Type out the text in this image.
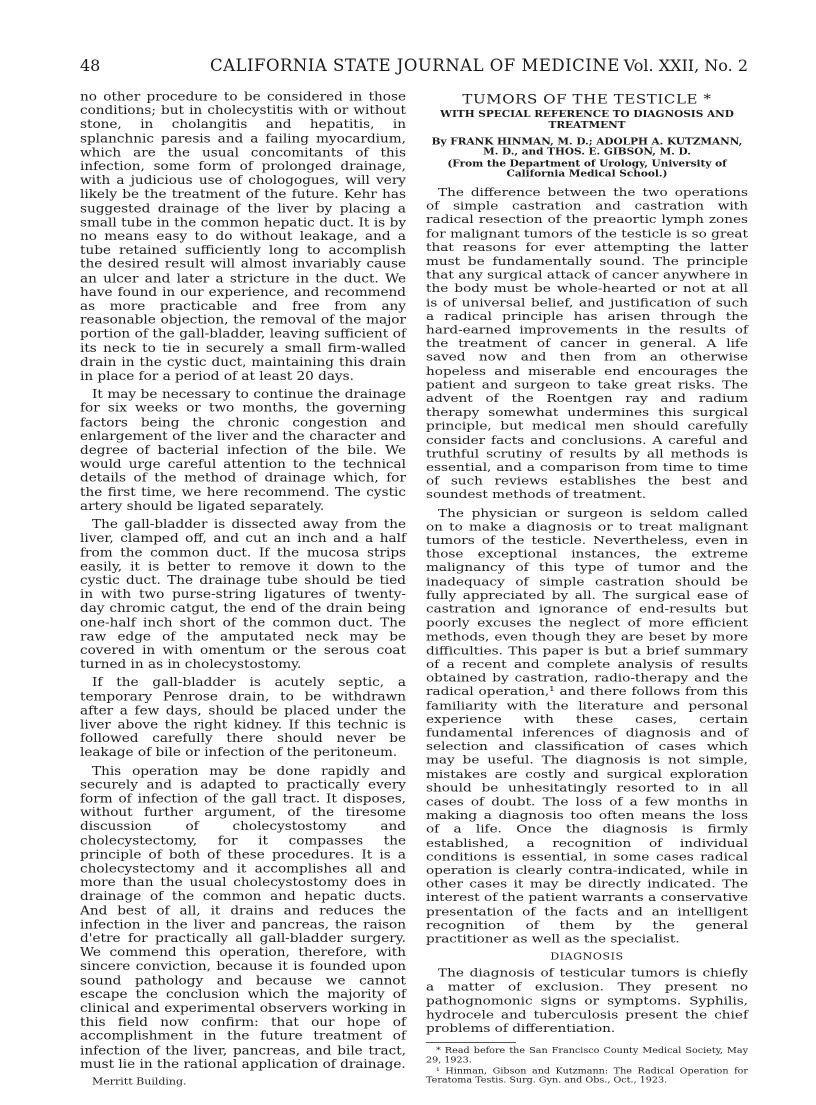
48	CALIFORNIA STATE JOURNAL OF MEDICINE Vol. XXII, No. 2

no other procedure to be considered in those conditions; but in cholecystitis with or without stone, in cholangitis and hepatitis, in splanchnic paresis and a failing myocardium, which are the usual concomitants of this infection, some form of prolonged drainage, with a judicious use of chologogues, will very likely be the treatment of the future. Kehr has suggested drainage of the liver by placing a small tube in the common hepatic duct. It is by no means easy to do without leakage, and a tube retained sufficiently long to accomplish the desired result will almost invariably cause an ulcer and later a stricture in the duct. We have found in our experience, and recommend as more practicable and free from any reasonable objection, the removal of the major portion of the gall-bladder, leaving sufficient of its neck to tie in securely a small firm-walled drain in the cystic duct, maintaining this drain in place for a period of at least 20 days.

It may be necessary to continue the drainage for six weeks or two months, the governing factors being the chronic congestion and enlargement of the liver and the character and degree of bacterial infection of the bile. We would urge careful attention to the technical details of the method of drainage which, for the first time, we here recommend. The cystic artery should be ligated separately.

The gall-bladder is dissected away from the liver, clamped off, and cut an inch and a half from the common duct. If the mucosa strips easily, it is better to remove it down to the cystic duct. The drainage tube should be tied in with two purse-string ligatures of twenty-day chromic catgut, the end of the drain being one-half inch short of the common duct. The raw edge of the amputated neck may be covered in with omentum or the serous coat turned in as in cholecystostomy.

If the gall-bladder is acutely septic, a temporary Penrose drain, to be withdrawn after a few days, should be placed under the liver above the right kidney. If this technic is followed carefully there should never be leakage of bile or infection of the peritoneum.

This operation may be done rapidly and securely and is adapted to practically every form of infection of the gall tract. It disposes, without further argument, of the tiresome discussion of cholecystostomy and cholecystectomy, for it compasses the principle of both of these procedures. It is a cholecystectomy and it accomplishes all and more than the usual cholecystostomy does in drainage of the common and hepatic ducts. And best of all, it drains and reduces the infection in the liver and pancreas, the raison d'etre for practically all gall-bladder surgery. We commend this operation, therefore, with sincere conviction, because it is founded upon sound pathology and because we cannot escape the conclusion which the majority of clinical and experimental observers working in this field now confirm: that our hope of accomplishment in the future treatment of infection of the liver, pancreas, and bile tract, must lie in the rational application of drainage.

Merritt Building.
TUMORS OF THE TESTICLE *
WITH SPECIAL REFERENCE TO DIAGNOSIS AND TREATMENT
By FRANK HINMAN, M. D.; ADOLPH A. KUTZMANN, M. D., and THOS. E. GIBSON, M. D.
(From the Department of Urology, University of California Medical School.)

The difference between the two operations of simple castration and castration with radical resection of the preaortic lymph zones for malignant tumors of the testicle is so great that reasons for ever attempting the latter must be fundamentally sound. The principle that any surgical attack of cancer anywhere in the body must be whole-hearted or not at all is of universal belief, and justification of such a radical principle has arisen through the hard-earned improvements in the results of the treatment of cancer in general. A life saved now and then from an otherwise hopeless and miserable end encourages the patient and surgeon to take great risks. The advent of the Roentgen ray and radium therapy somewhat undermines this surgical principle, but medical men should carefully consider facts and conclusions. A careful and truthful scrutiny of results by all methods is essential, and a comparison from time to time of such reviews establishes the best and soundest methods of treatment.

The physician or surgeon is seldom called on to make a diagnosis or to treat malignant tumors of the testicle. Nevertheless, even in those exceptional instances, the extreme malignancy of this type of tumor and the inadequacy of simple castration should be fully appreciated by all. The surgical ease of castration and ignorance of end-results but poorly excuses the neglect of more efficient methods, even though they are beset by more difficulties. This paper is but a brief summary of a recent and complete analysis of results obtained by castration, radio-therapy and the radical operation,¹ and there follows from this familiarity with the literature and personal experience with these cases, certain fundamental inferences of diagnosis and of selection and classification of cases which may be useful. The diagnosis is not simple, mistakes are costly and surgical exploration should be unhesitatingly resorted to in all cases of doubt. The loss of a few months in making a diagnosis too often means the loss of a life. Once the diagnosis is firmly established, a recognition of individual conditions is essential, in some cases radical operation is clearly contra-indicated, while in other cases it may be directly indicated. The interest of the patient warrants a conservative presentation of the facts and an intelligent recognition of them by the general practitioner as well as the specialist.

DIAGNOSIS

The diagnosis of testicular tumors is chiefly a matter of exclusion. They present no pathognomonic signs or symptoms. Syphilis, hydrocele and tuberculosis present the chief problems of differentiation.

* Read before the San Francisco County Medical Society, May 29, 1923.
¹ Hinman, Gibson and Kutzmann: The Radical Operation for Teratoma Testis. Surg. Gyn. and Obs., Oct., 1923.
